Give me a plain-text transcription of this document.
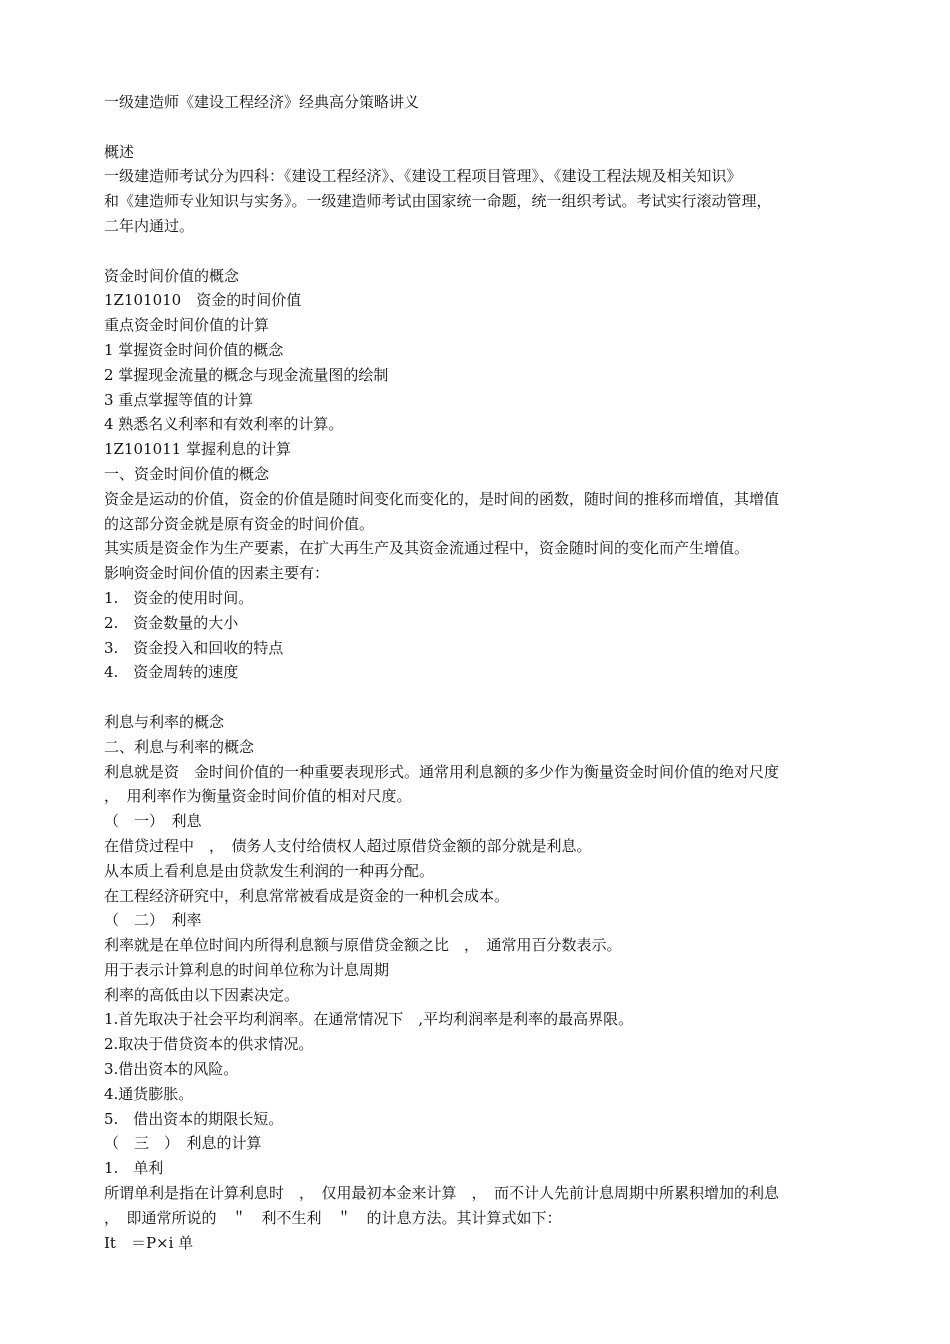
一级建造师《建设工程经济》经典高分策略讲义
概述
一级建造师考试分为四科：《建设工程经济》、《建设工程项目管理》、《建设工程法规及相关知识》
和《建造师专业知识与实务》。一级建造师考试由国家统一命题，统一组织考试。考试实行滚动管理，
二年内通过。
资金时间价值的概念
1Z101010　资金的时间价值
重点资金时间价值的计算
1 掌握资金时间价值的概念
2 掌握现金流量的概念与现金流量图的绘制
3 重点掌握等值的计算
4 熟悉名义利率和有效利率的计算。
1Z101011 掌握利息的计算
一、资金时间价值的概念
资金是运动的价值，资金的价值是随时间变化而变化的，是时间的函数，随时间的推移而增值，其增值
的这部分资金就是原有资金的时间价值。
其实质是资金作为生产要素，在扩大再生产及其资金流通过程中，资金随时间的变化而产生增值。
影响资金时间价值的因素主要有：
1.　资金的使用时间。
2.　资金数量的大小
3.　资金投入和回收的特点
4.　资金周转的速度
利息与利率的概念
二、利息与利率的概念
利息就是资　金时间价值的一种重要表现形式。通常用利息额的多少作为衡量资金时间价值的绝对尺度
，　用利率作为衡量资金时间价值的相对尺度。
（　一）　利息
在借贷过程中　，　债务人支付给债权人超过原借贷金额的部分就是利息。
从本质上看利息是由贷款发生利润的一种再分配。
在工程经济研究中，利息常常被看成是资金的一种机会成本。
（　二）　利率
利率就是在单位时间内所得利息额与原借贷金额之比　，　通常用百分数表示。
用于表示计算利息的时间单位称为计息周期
利率的高低由以下因素决定。
1.首先取决于社会平均利润率。在通常情况下　,平均利润率是利率的最高界限。
2.取决于借贷资本的供求情况。
3.借出资本的风险。
4.通货膨胀。
5.　借出资本的期限长短。
（　三　）　利息的计算
1.　单利
所谓单利是指在计算利息时　，　仅用最初本金来计算　，　而不计人先前计息周期中所累积增加的利息
，　即通常所说的　＂　利不生利　＂　的计息方法。其计算式如下：
It　＝P×i 单
